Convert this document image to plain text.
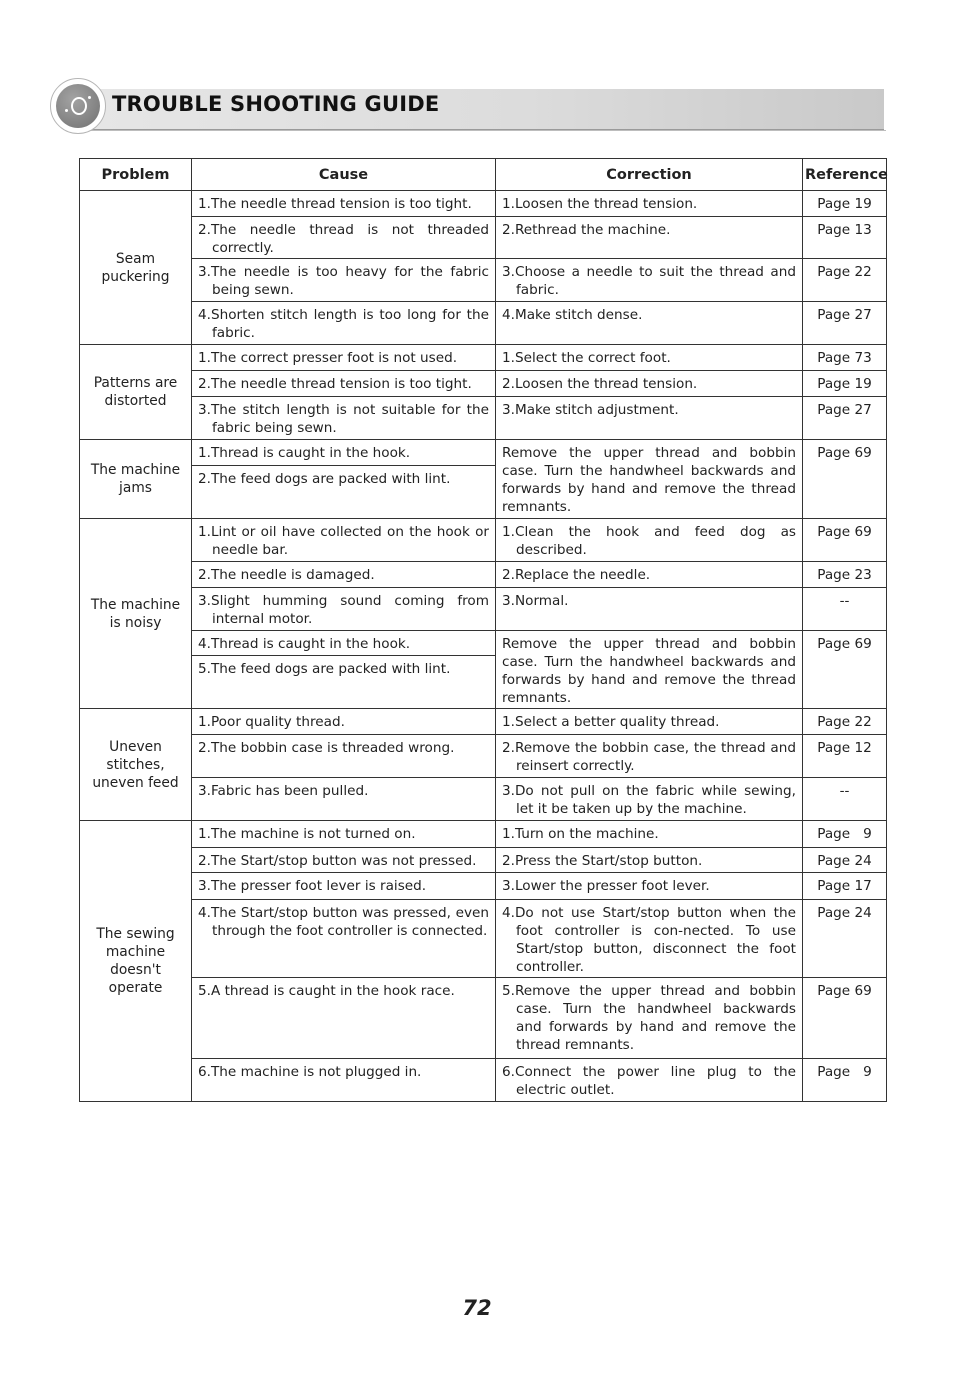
TROUBLE SHOOTING GUIDE
Problem	Cause	Correction	Reference
Seam puckering	1.The needle thread tension is too tight.	1.Loosen the thread tension.	Page 19

	2.The needle thread is not threaded correctly.	2.Rethread the machine.	Page 13

	3.The needle is too heavy for the fabric being sewn.	3.Choose a needle to suit the thread and fabric.	Page 22

	4.Shorten stitch length is too long for the fabric.	4.Make stitch dense.	Page 27
Patterns are distorted	1.The correct presser foot is not used.	1.Select the correct foot.	Page 73

	2.The needle thread tension is too tight.	2.Loosen the thread tension.	Page 19

	3.The stitch length is not suitable for the fabric being sewn.	3.Make stitch adjustment.	Page 27
The machine jams	1.Thread is caught in the hook.	Remove the upper thread and bobbin case. Turn the handwheel backwards and forwards by hand and remove the thread remnants.	Page 69

	2.The feed dogs are packed with lint.		

The machine is noisy	1.Lint or oil have collected on the hook or needle bar.	1.Clean the hook and feed dog as described.	Page 69

	2.The needle is damaged.	2.Replace the needle.	Page 23

	3.Slight humming sound coming from internal motor.	3.Normal.	--

	4.Thread is caught in the hook.	Remove the upper thread and bobbin case. Turn the handwheel backwards and forwards by hand and remove the thread remnants.	Page 69

	5.The feed dogs are packed with lint.		

Uneven stitches, uneven feed	1.Poor quality thread.	1.Select a better quality thread.	Page 22

	2.The bobbin case is threaded wrong.	2.Remove the bobbin case, the thread and reinsert correctly.	Page 12

	3.Fabric has been pulled.	3.Do not pull on the fabric while sewing, let it be taken up by the machine.	--
The sewing machine doesn't operate	1.The machine is not turned on.	1.Turn on the machine.	Page   9

	2.The Start/stop button was not pressed.	2.Press the Start/stop button.	Page 24

	3.The presser foot lever is raised.	3.Lower the presser foot lever.	Page 17

	4.The Start/stop button was pressed, even through the foot controller is connected.	4.Do not use Start/stop button when the foot controller is con-nected. To use Start/stop button, disconnect the foot controller.	Page 24

	5.A thread is caught in the hook race.	5.Remove the upper thread and bobbin case. Turn the handwheel backwards and forwards by hand and remove the thread remnants.	Page 69

	6.The machine is not plugged in.	6.Connect the power line plug to the electric outlet.	Page   9
72
